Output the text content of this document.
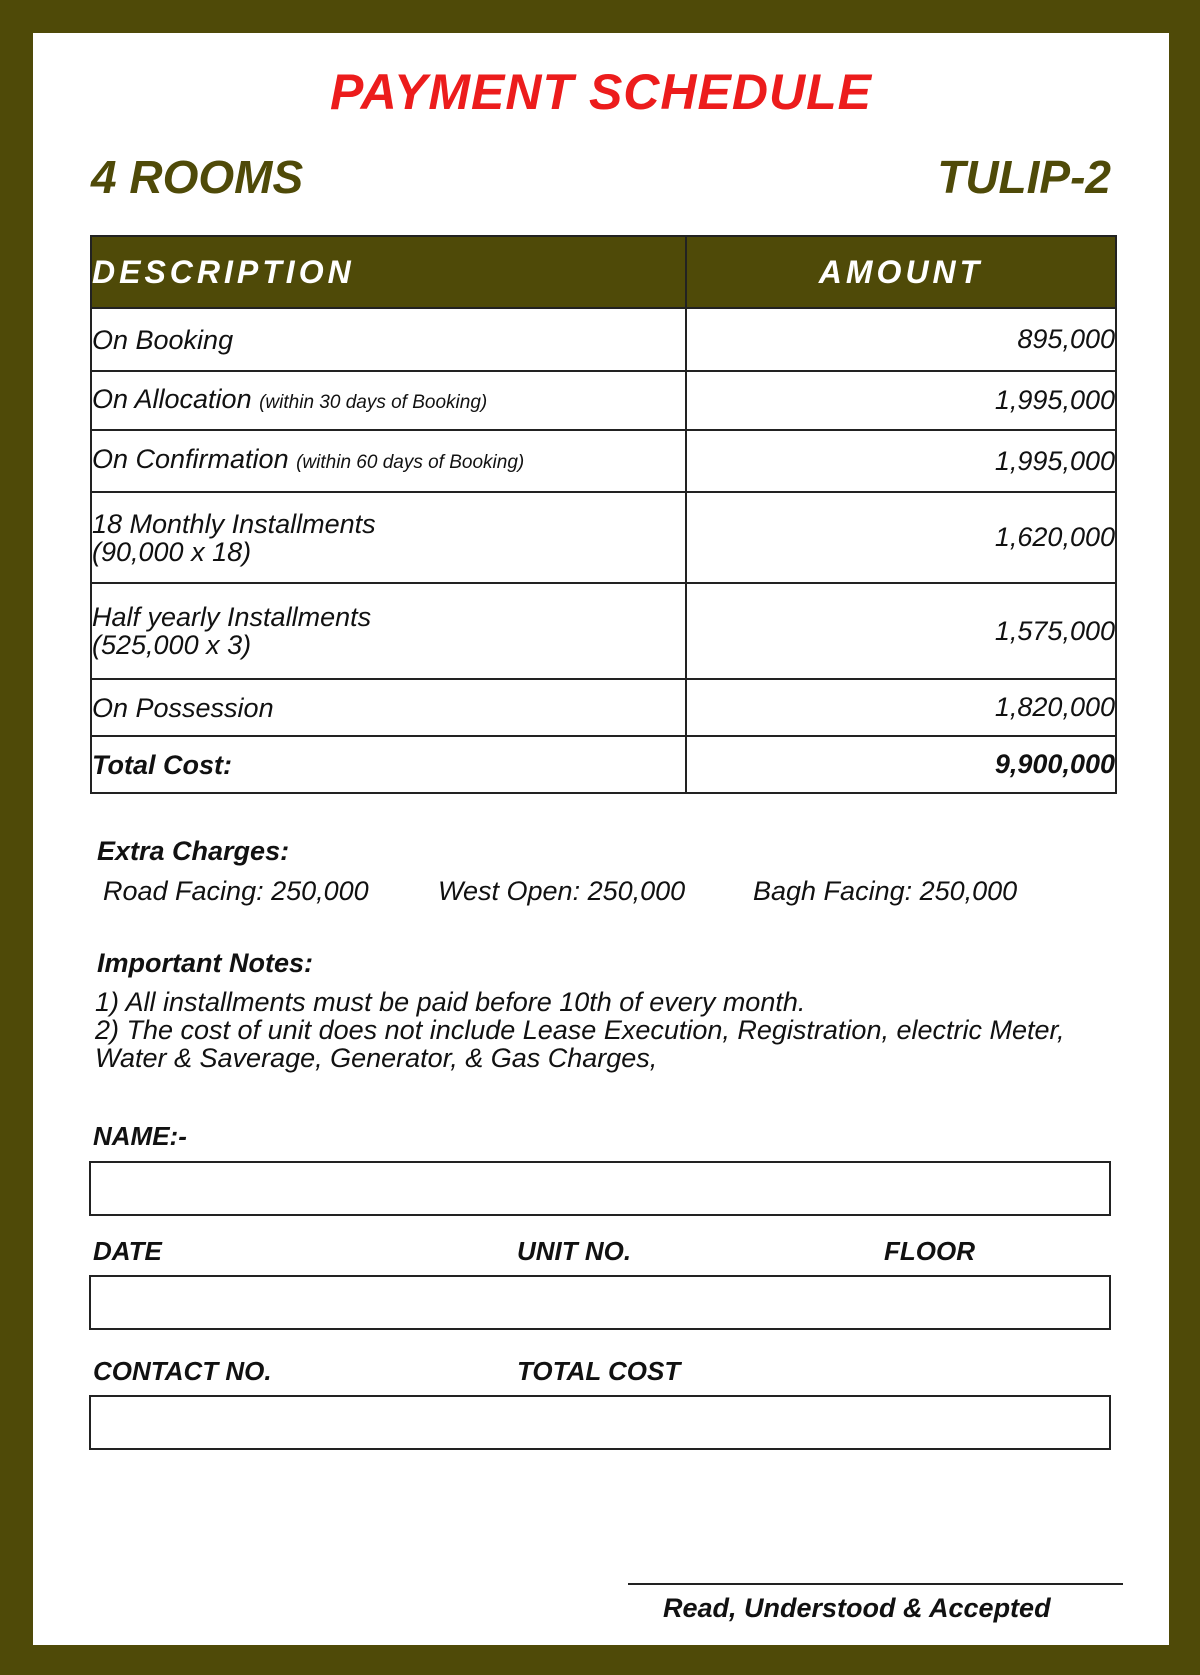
PAYMENT SCHEDULE
4 ROOMS	TULIP-2
DESCRIPTION	AMOUNT
On Booking	895,000
On Allocation (within 30 days of Booking)	1,995,000
On Confirmation (within 60 days of Booking)	1,995,000
18 Monthly Installments
(90,000 x 18)	1,620,000
Half yearly Installments
(525,000 x 3)	1,575,000
On Possession	1,820,000
Total Cost:	9,900,000
Extra Charges:
Road Facing: 250,000	West Open: 250,000	Bagh Facing: 250,000
Important Notes:
1) All installments must be paid before 10th of every month.
2) The cost of unit does not include Lease Execution, Registration, electric Meter, Water & Saverage, Generator, & Gas Charges,
NAME:-
DATE	UNIT NO.	FLOOR
CONTACT NO.	TOTAL COST
Read, Understood & Accepted
